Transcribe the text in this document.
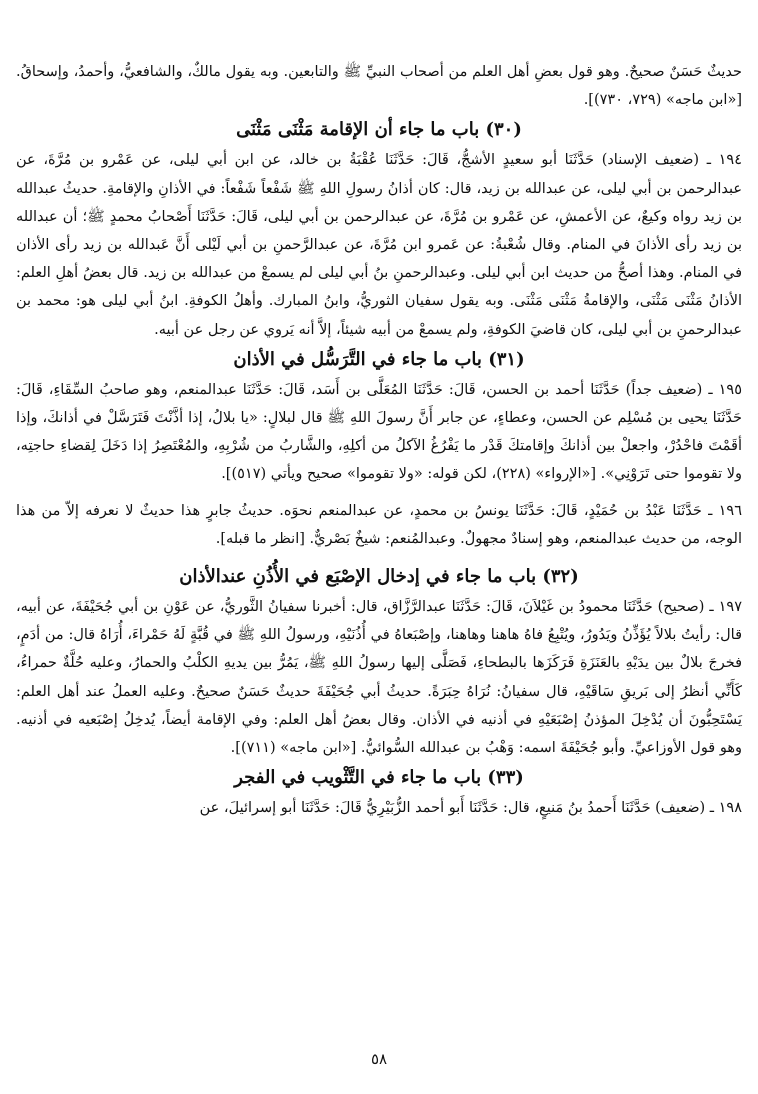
حديثٌ حَسَنٌ صحيحٌ. وهو قول بعضِ أهل العلم من أصحاب النبيِّ ﷺ والتابعين. وبه يقول مالكٌ، والشافعيُّ، وأحمدُ، وإسحاقُ. [«ابن ماجه» (٧٢٩، ٧٣٠)].

(٣٠) باب ما جاء أن الإقامة مَثْنَى مَثْنَى

١٩٤ ـ (ضعيف الإسناد) حَدَّثَنَا أبو سعيدٍ الأشجُّ، قَالَ: حَدَّثَنَا عُقْبَةُ بن خالد، عن ابن أبي ليلى، عن عَمْرو بن مُرَّةَ، عن عبدالرحمن بن أبي ليلى، عن عبدالله بن زيد، قال: كان أذانُ رسولِ اللهِ ﷺ شَفْعاً شَفْعاً: في الأذانِ والإقامةِ. حديثُ عبدالله بن زيد رواه وكيعٌ، عن الأعمشِ، عن عَمْرو بن مُرَّةَ، عن عبدالرحمن بن أبي ليلى، قَالَ: حَدَّثَنَا أَصْحابُ محمدٍ ﷺ؛ أن عبدالله بن زيد رأى الأذانَ في المنام. وقال شُعْبةُ: عن عَمرو ابن مُرَّةَ، عن عبدالرَّحمنِ بن أبي لَيْلى أَنَّ عَبدالله بن زيد رأى الأذان في المنام. وهذا أصحُّ من حديث ابن أبي ليلى. وعبدالرحمنِ بنُ أبي ليلى لم يسمعْ من عبدالله بن زيد. قال بعضُ أهلِ العلم: الأذانُ مَثْنَى مَثْنَى، والإقامةُ مَثْنَى مَثْنَى. وبه يقول سفيان الثوريُّ، وابنُ المبارك. وأهلُ الكوفةِ. ابنُ أبي ليلى هو: محمد بن عبدالرحمنِ بن أبي ليلى، كان قاضيَ الكوفةِ، ولم يسمعْ من أبيه شيئاً، إلاَّ أنه يَروي عن رجل عن أبيه.

(٣١) باب ما جاء في التَّرَسُّل في الأذان

١٩٥ ـ (ضعيف جداً) حَدَّثَنَا أحمد بن الحسن، قَالَ: حَدَّثَنَا المُعَلَّى بن أَسَد، قَالَ: حَدَّثَنَا عبدالمنعم، وهو صاحبُ السِّقَاءِ، قَالَ: حَدَّثَنَا يحيى بن مُسْلِم عن الحسن، وعطاءٍ، عن جابر أَنَّ رسولَ اللهِ ﷺ قال لبلالٍ: «يا بلالُ، إذا أذَّنْتَ فَتَرَسَّلْ في أذانكَ، وإذا أقَمْتَ فاحْدُرْ، واجعلْ بين أذانكَ وإقامتكَ قَدْر ما يَفْرُغُ الآكلُ من أكلِهِ، والشَّاربُ من شُرْبِهِ، والمُعْتَصِرُ إذا دَخَلَ لِقضاءِ حاجتِه، ولا تقوموا حتى تَرَوْنِي». [«الإرواء» (٢٢٨)، لكن قوله: «ولا تقوموا» صحيح ويأتي (٥١٧)].

١٩٦ ـ حَدَّثَنَا عَبْدُ بن حُمَيْدٍ، قَالَ: حَدَّثَنَا يونسُ بن محمدٍ، عن عبدالمنعم نحوَه. حديثُ جابرٍ هذا حديثٌ لا نعرفه إلاّ من هذا الوجه، من حديث عبدالمنعم، وهو إسنادٌ مجهولٌ. وعبدالمُنعم: شيخٌ بَصْريٌّ. [انظر ما قبله].

(٣٢) باب ما جاء في إدخال الإصْبَع في الأُذُنِ عندالأذان

١٩٧ ـ (صحيح) حَدَّثَنَا محمودُ بن غَيْلاَنَ، قَالَ: حَدَّثَنَا عبدالرَّزَّاق، قال: أخبرنا سفيانُ الثَّوريُّ، عن عَوْنِ بن أبي جُحَيْفَةَ، عن أبيه، قال: رأيتُ بلالاً يُؤَذِّنُ ويَدُورُ، ويُتْبِعُ فاهُ هاهنا وهاهنا، وإصْبَعاهُ في أُذُنَيْهِ، ورسولُ اللهِ ﷺ في قُبَّةٍ لَهُ حَمْراءَ، أُرَاهُ قال: من أدَمٍ، فخرجَ بلالٌ بين يدَيْهِ بالعَنَزَةِ فَرَكَزَها بالبطحاءِ، فَصَلَّى إليها رسولُ اللهِ ﷺ، يَمُرُّ بين يديهِ الكلْبُ والحمارُ، وعليه حُلَّةٌ حمراءُ، كَأَنِّي أنظرُ إلى بَريقِ سَاقَيْهِ، قال سفيانُ: نُرَاهُ حِبَرَةً. حديثُ أبي جُحَيْفَةَ حديثٌ حَسَنٌ صحيحٌ. وعليه العملُ عند أهل العلم: يَسْتَحِبُّونَ أن يُدْخِلَ المؤذنُ إصْبَعَيْهِ في أذنيه في الأذان. وقال بعضُ أهل العلم: وفي الإقامة أيضاً، يُدخِلُ إصْبَعيه في أذنيه. وهو قول الأوزاعيِّ. وأبو جُحَيْفَةَ اسمه: وَهْبُ بن عبدالله السُّوائيُّ. [«ابن ماجه» (٧١١)].

(٣٣) باب ما جاء في التَّثْويب في الفجر

١٩٨ ـ (ضعيف) حَدَّثَنَا أَحمدُ بنُ مَنيعٍ، قال: حَدَّثَنَا أَبو أحمد الزُّبَيْرِيُّ قَالَ: حَدَّثَنَا أبو إسرائيلَ، عن

٥٨
